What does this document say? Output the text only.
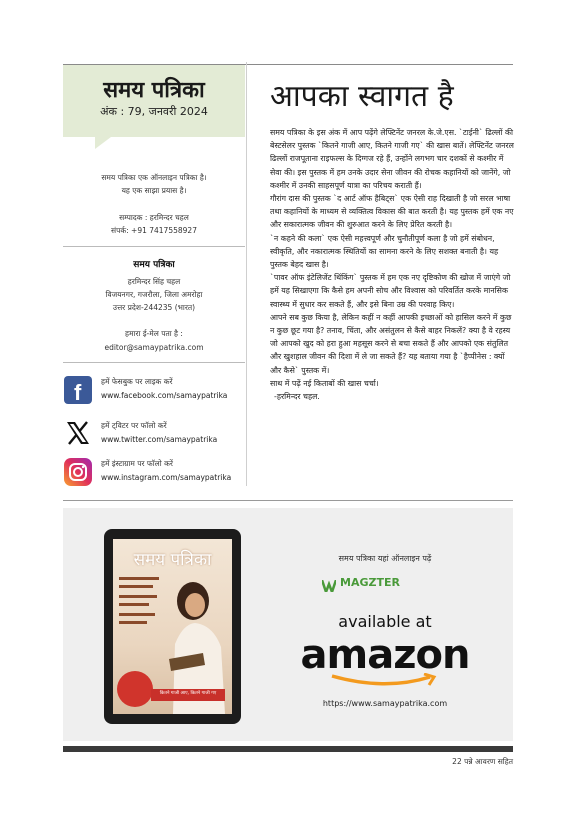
समय पत्रिका
अंक : 79, जनवरी 2024
समय पत्रिका एक ऑनलाइन पत्रिका है।
यह एक साझा प्रयास है।
सम्पादक : हरमिन्दर चहल
संपर्क: +91 7417558927
समय पत्रिका
हरमिन्दर सिंह चहल
विजयनगर, गजरौला, जिला अमरोहा
उत्तर प्रदेश-244235 (भारत)
हमारा ई-मेल पता है :
editor@samaypatrika.com
f	हमें फेसबुक पर लाइक करें
www.facebook.com/samaypatrika
हमें ट्विटर पर फॉलो करें
www.twitter.com/samaypatrika
हमें इंस्टाग्राम पर फॉलो करें
www.instagram.com/samaypatrika
आपका स्वागत है

समय पत्रिका के इस अंक में आप पढ़ेंगे लेफ्टिनेंट जनरल के.जे.एस. `टाईनी` ढिल्लों की बेस्टसेलर पुस्तक `कितने गाजी आए, कितने गाजी गए` की खास बातें। लेफ्टिनेंट जनरल ढिल्लों राजपूताना राइफल्स के दिग्गज रहे हैं, उन्होंने लगभग चार दशकों से कश्मीर में सेवा की। इस पुस्तक में हम उनके उदार सेना जीवन की रोचक कहानियों को जानेंगे, जो कश्मीर में उनकी साहसपूर्ण यात्रा का परिचय कराती हैं।

गौरांग दास की पुस्तक `द आर्ट ऑफ हैबिट्स` एक ऐसी राह दिखाती है जो सरल भाषा तथा कहानियों के माध्यम से व्यक्तित्व विकास की बात करती है। यह पुस्तक हमें एक नए और सकारात्मक जीवन की शुरुआत करने के लिए प्रेरित करती है।

`न कहने की कला` एक ऐसी महत्त्वपूर्ण और चुनौतीपूर्ण कला है जो हमें संबोधन, स्वीकृति, और नकारात्मक स्थितियों का सामना करने के लिए सशक्त बनाती है। यह पुस्तक बेहद खास है।

`पावर ऑफ इंटेलिजेंट थिंकिंग` पुस्तक में हम एक नए दृष्टिकोण की खोज में जाएंगे जो हमें यह सिखाएगा कि कैसे हम अपनी सोच और विश्वास को परिवर्तित करके मानसिक स्वास्थ्य में सुधार कर सकते हैं, और इसे बिना उम्र की परवाह किए।

आपने सब कुछ किया है, लेकिन कहीं न कहीं आपकी इच्छाओं को हासिल करने में कुछ न कुछ छूट गया है? तनाव, चिंता, और असंतुलन से कैसे बाहर निकलें? क्या है वे रहस्य जो आपको खुद को हरा हुआ महसूस करने से बचा सकते हैं और आपको एक संतुलित और खुशहाल जीवन की दिशा में ले जा सकते हैं? यह बताया गया है `हैप्पीनेस : क्यों और कैसे` पुस्तक में।

साथ में पढ़ें नई किताबों की खास चर्चा।

-हरमिन्दर चहल.

समय पत्रिका
कितने गाजी आए, कितने गाजी गए
समय पत्रिका यहां ऑनलाइन पढ़ें
MAGZTER
available at
amazon
https://www.samaypatrika.com
22 पन्ने आवरण सहित
